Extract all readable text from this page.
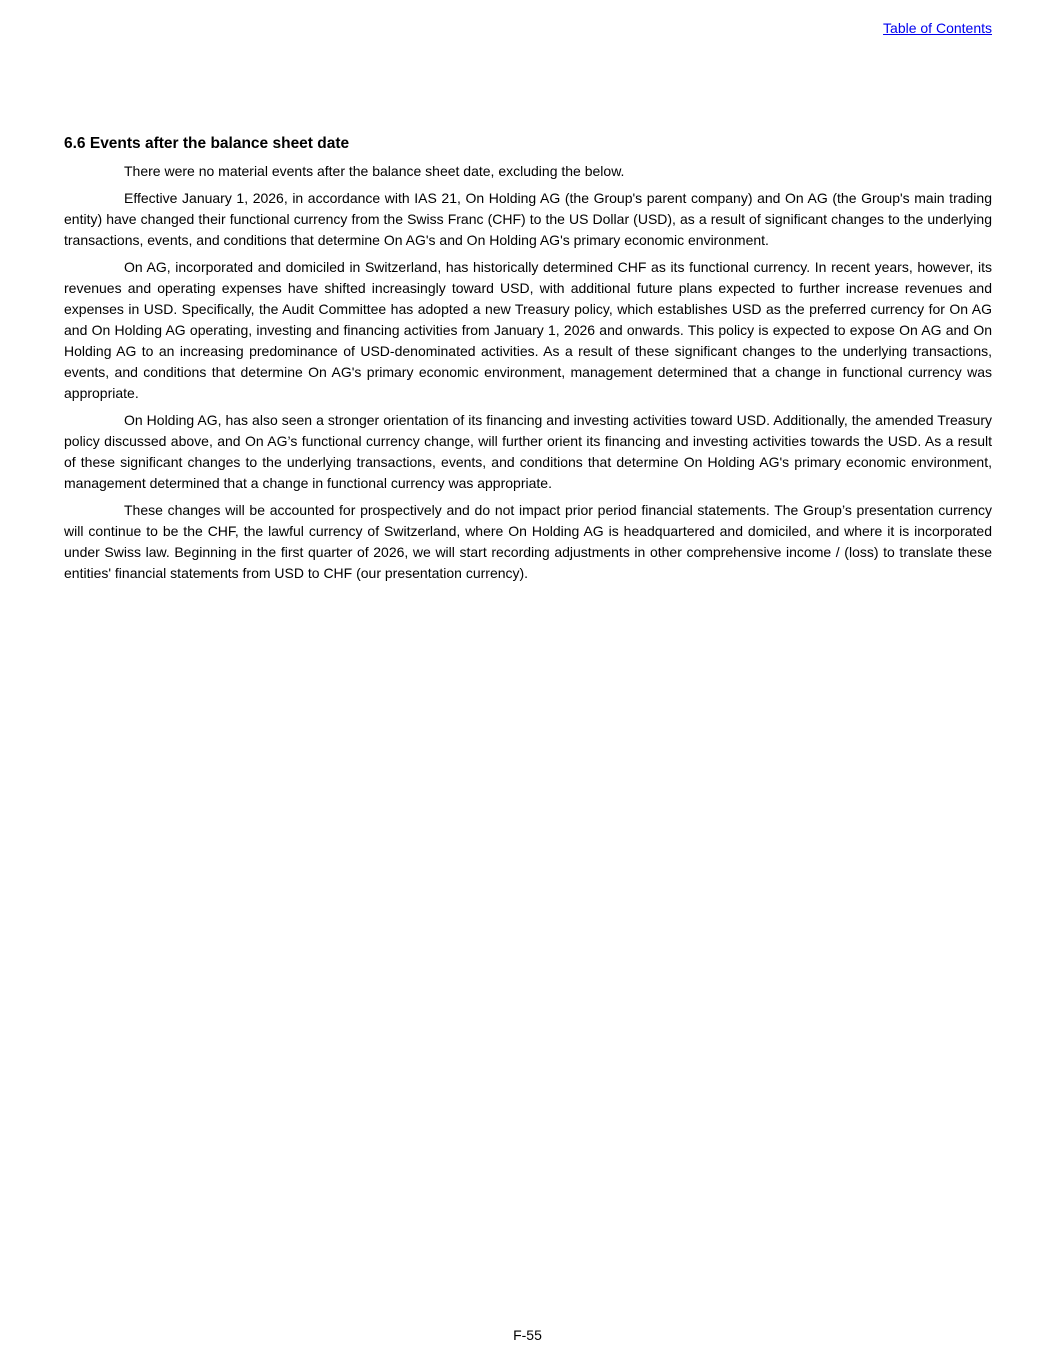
Table of Contents
6.6 Events after the balance sheet date

There were no material events after the balance sheet date, excluding the below.

Effective January 1, 2026, in accordance with IAS 21, On Holding AG (the Group's parent company) and On AG (the Group's main trading entity) have changed their functional currency from the Swiss Franc (CHF) to the US Dollar (USD), as a result of significant changes to the underlying transactions, events, and conditions that determine On AG's and On Holding AG's primary economic environment.

On AG, incorporated and domiciled in Switzerland, has historically determined CHF as its functional currency. In recent years, however, its revenues and operating expenses have shifted increasingly toward USD, with additional future plans expected to further increase revenues and expenses in USD. Specifically, the Audit Committee has adopted a new Treasury policy, which establishes USD as the preferred currency for On AG and On Holding AG operating, investing and financing activities from January 1, 2026 and onwards. This policy is expected to expose On AG and On Holding AG to an increasing predominance of USD-denominated activities. As a result of these significant changes to the underlying transactions, events, and conditions that determine On AG's primary economic environment, management determined that a change in functional currency was appropriate.

On Holding AG, has also seen a stronger orientation of its financing and investing activities toward USD. Additionally, the amended Treasury policy discussed above, and On AG’s functional currency change, will further orient its financing and investing activities towards the USD. As a result of these significant changes to the underlying transactions, events, and conditions that determine On Holding AG's primary economic environment, management determined that a change in functional currency was appropriate.

These changes will be accounted for prospectively and do not impact prior period financial statements. The Group’s presentation currency will continue to be the CHF, the lawful currency of Switzerland, where On Holding AG is headquartered and domiciled, and where it is incorporated under Swiss law. Beginning in the first quarter of 2026, we will start recording adjustments in other comprehensive income / (loss) to translate these entities' financial statements from USD to CHF (our presentation currency).

F-55
